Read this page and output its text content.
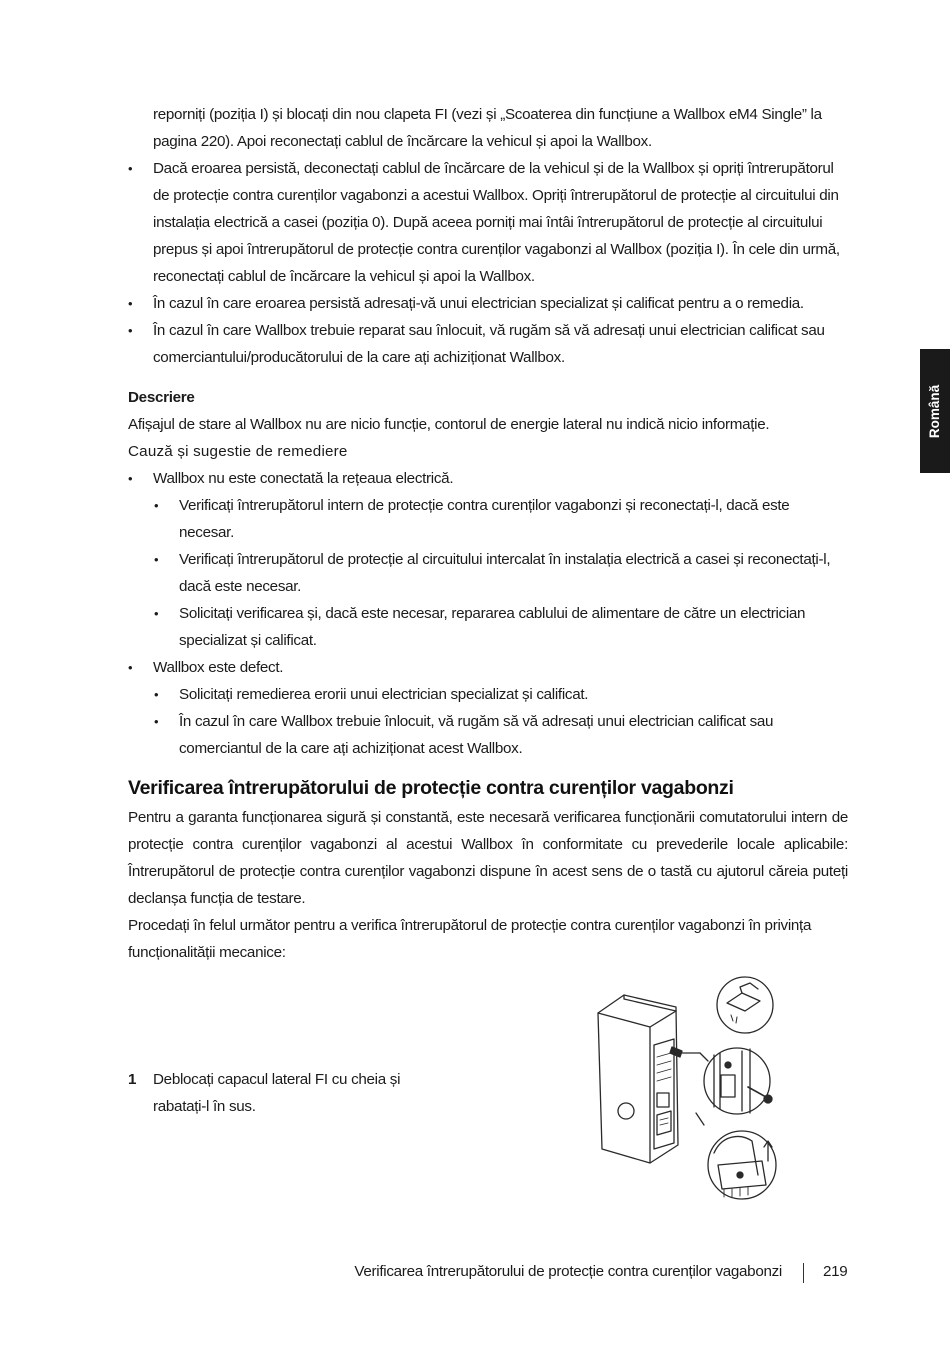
Română

reporniți (poziția I) și blocați din nou clapeta FI (vezi și „Scoaterea din funcțiune a Wallbox eM4 Single” la pagina 220). Apoi reconectați cablul de încărcare la vehicul și apoi la Wallbox.

• Dacă eroarea persistă, deconectați cablul de încărcare de la vehicul și de la Wallbox și opriți întrerupătorul de protecție contra curenților vagabonzi a acestui Wallbox. Opriți întrerupătorul de protecție al circuitului din instalația electrică a casei (poziția 0). După aceea porniți mai întâi întrerupătorul de protecție al circuitului prepus și apoi întrerupătorul de protecție contra curenților vagabonzi al Wallbox (poziția I). În cele din urmă, reconectați cablul de încărcare la vehicul și apoi la Wallbox.

• În cazul în care eroarea persistă adresați-vă unui electrician specializat și calificat pentru a o remedia.

• În cazul în care Wallbox trebuie reparat sau înlocuit, vă rugăm să vă adresați unui electrician calificat sau comerciantului/producătorului de la care ați achiziționat Wallbox.

Descriere

Afișajul de stare al Wallbox nu are nicio funcție, contorul de energie lateral nu indică nicio informație.

Cauză și sugestie de remediere

• Wallbox nu este conectată la rețeaua electrică.

• Verificați întrerupătorul intern de protecție contra curenților vagabonzi și reconectați-l, dacă este necesar.

• Verificați întrerupătorul de protecție al circuitului intercalat în instalația electrică a casei și reconectați-l, dacă este necesar.

• Solicitați verificarea și, dacă este necesar, repararea cablului de alimentare de către un electrician specializat și calificat.

• Wallbox este defect.

• Solicitați remedierea erorii unui electrician specializat și calificat.

• În cazul în care Wallbox trebuie înlocuit, vă rugăm să vă adresați unui electrician calificat sau comerciantul de la care ați achiziționat acest Wallbox.

Verificarea întrerupătorului de protecție contra curenților vagabonzi

Pentru a garanta funcționarea sigură și constantă, este necesară verificarea funcționării comutatorului intern de protecție contra curenților vagabonzi al acestui Wallbox în conformitate cu prevederile locale aplicabile: Întrerupătorul de protecție contra curenților vagabonzi dispune în acest sens de o tastă cu ajutorul căreia puteți declanșa funcția de testare.

Procedați în felul următor pentru a verifica întrerupătorul de protecție contra curenților vagabonzi în privința funcționalității mecanice:

1 Deblocați capacul lateral FI cu cheia și rabatați-l în sus.

Verificarea întrerupătorului de protecție contra curenților vagabonzi	219
